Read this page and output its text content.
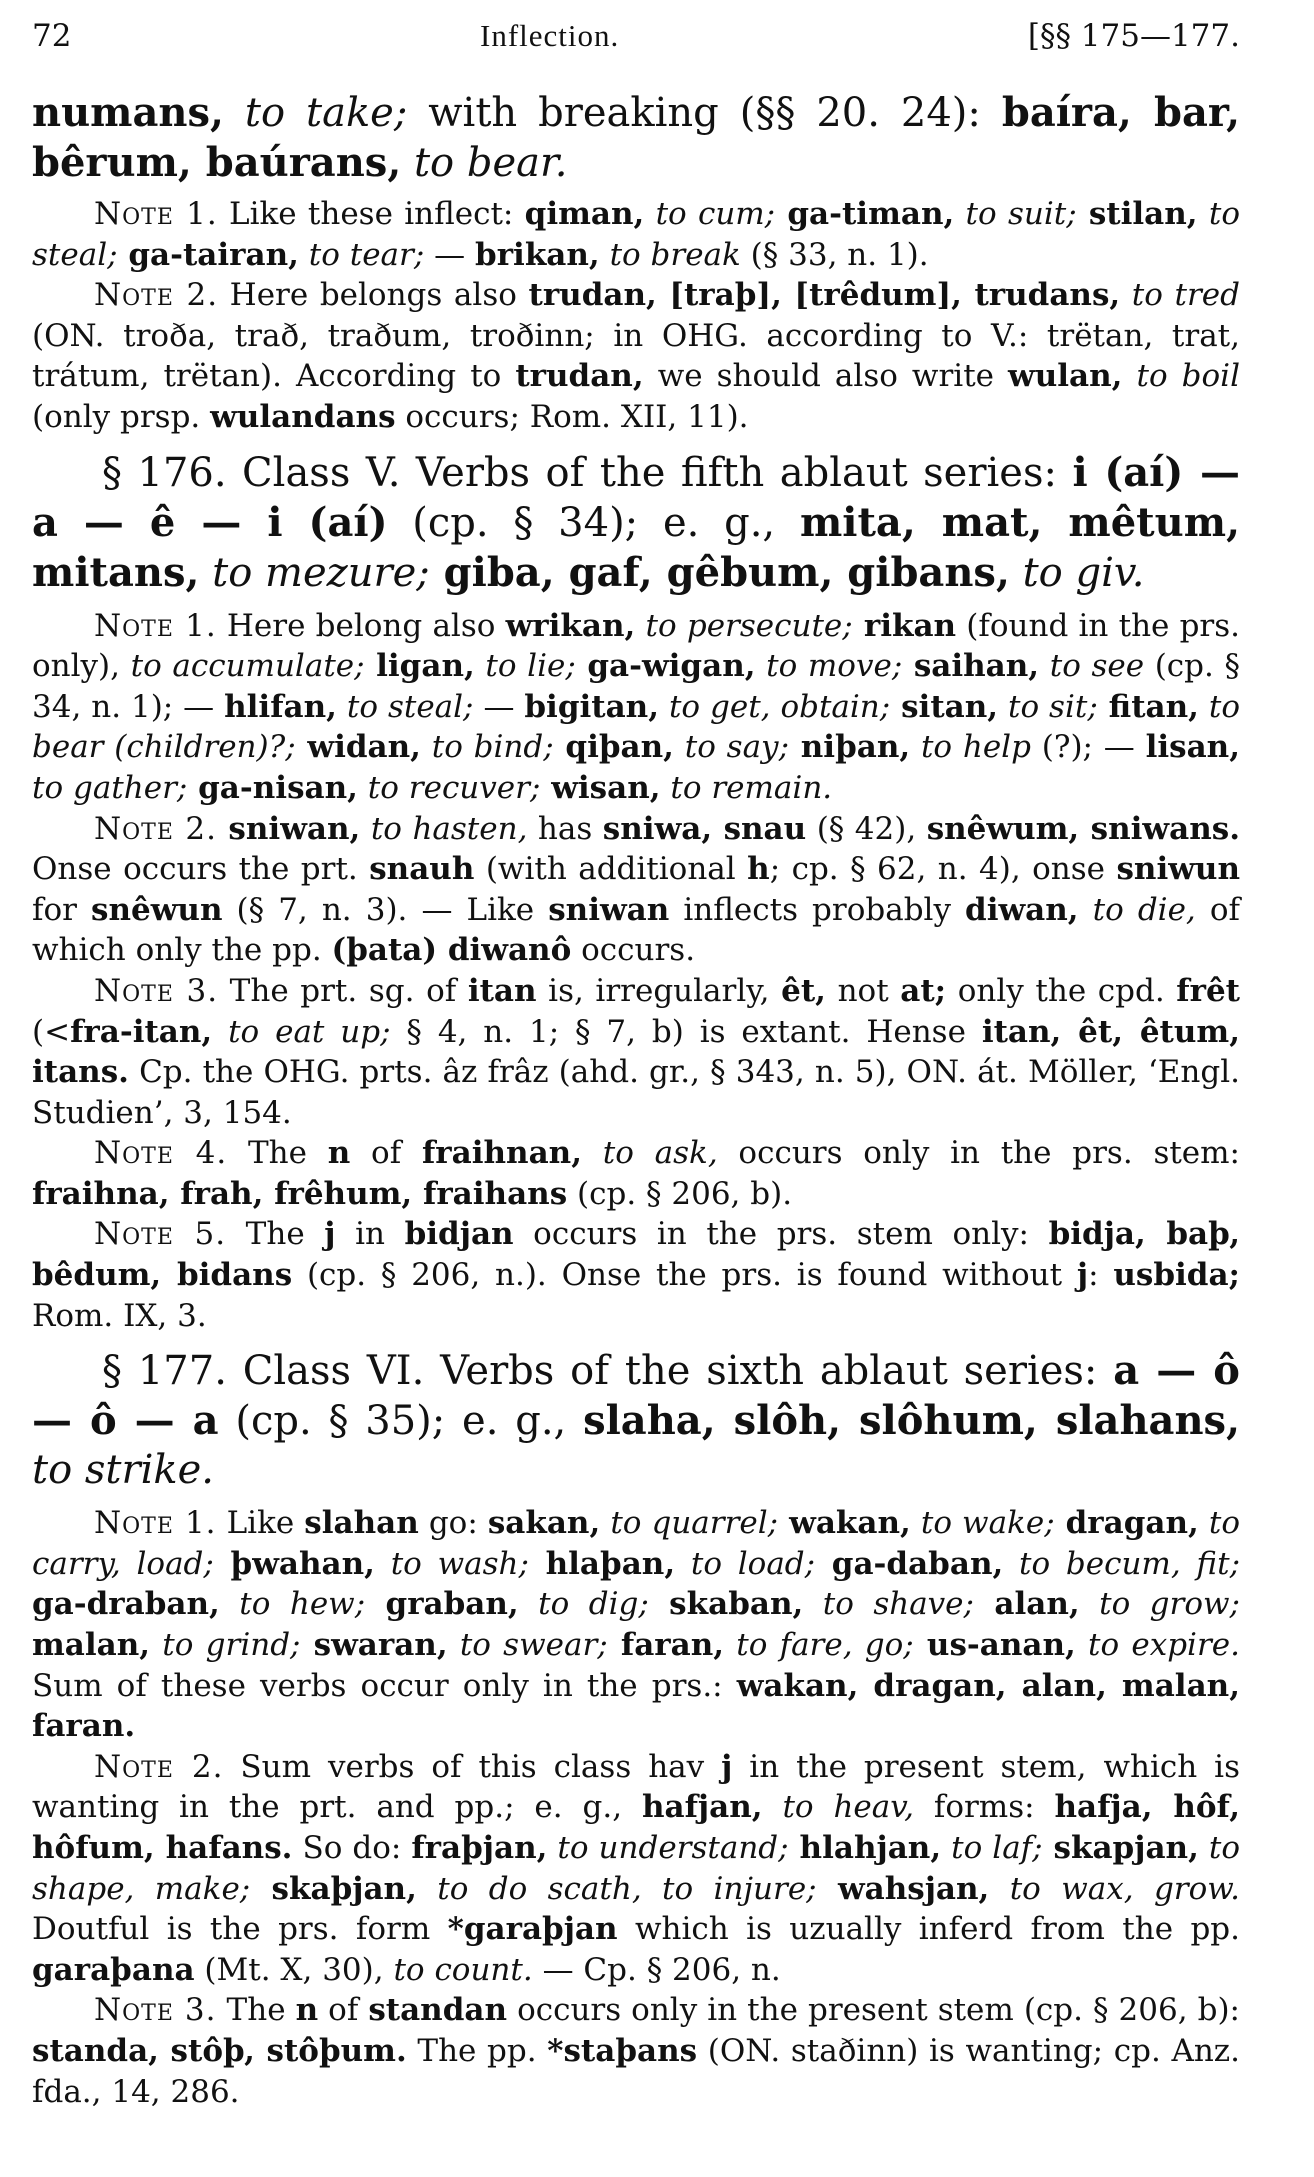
72	Inflection.	[§§ 175—177.

numans, to take; with breaking (§§ 20. 24): baíra, bar, bêrum, baúrans, to bear.

Note 1. Like these inflect: qiman, to cum; ga-timan, to suit; stilan, to steal; ga-tairan, to tear; — brikan, to break (§ 33, n. 1).

Note 2. Here belongs also trudan, [traþ], [trêdum], trudans, to tred (ON. troða, trað, traðum, troðinn; in OHG. according to V.: trëtan, trat, trátum, trëtan). According to trudan, we should also write wulan, to boil (only prsp. wulandans occurs; Rom. XII, 11).

§ 176. Class V. Verbs of the fifth ablaut series: i (aí) — a — ê — i (aí) (cp. § 34); e. g., mita, mat, mêtum, mitans, to mezure; giba, gaf, gêbum, gibans, to giv.

Note 1. Here belong also wrikan, to persecute; rikan (found in the prs. only), to accumulate; ligan, to lie; ga-wigan, to move; saihan, to see (cp. § 34, n. 1); — hlifan, to steal; — bigitan, to get, obtain; sitan, to sit; fitan, to bear (children)?; widan, to bind; qiþan, to say; niþan, to help (?); — lisan, to gather; ga-nisan, to recuver; wisan, to remain.

Note 2. sniwan, to hasten, has sniwa, snau (§ 42), snêwum, sniwans. Onse occurs the prt. snauh (with additional h; cp. § 62, n. 4), onse sniwun for snêwun (§ 7, n. 3). — Like sniwan inflects probably diwan, to die, of which only the pp. (þata) diwanô occurs.

Note 3. The prt. sg. of itan is, irregularly, êt, not at; only the cpd. frêt (<fra-itan, to eat up; § 4, n. 1; § 7, b) is extant. Hense itan, êt, êtum, itans. Cp. the OHG. prts. âz frâz (ahd. gr., § 343, n. 5), ON. át. Möller, ‘Engl. Studien’, 3, 154.

Note 4. The n of fraihnan, to ask, occurs only in the prs. stem: fraihna, frah, frêhum, fraihans (cp. § 206, b).

Note 5. The j in bidjan occurs in the prs. stem only: bidja, baþ, bêdum, bidans (cp. § 206, n.). Onse the prs. is found without j: usbida; Rom. IX, 3.

§ 177. Class VI. Verbs of the sixth ablaut series: a — ô — ô — a (cp. § 35); e. g., slaha, slôh, slôhum, slahans, to strike.

Note 1. Like slahan go: sakan, to quarrel; wakan, to wake; dragan, to carry, load; þwahan, to wash; hlaþan, to load; ga-daban, to becum, fit; ga-draban, to hew; graban, to dig; skaban, to shave; alan, to grow; malan, to grind; swaran, to swear; faran, to fare, go; us-anan, to expire. Sum of these verbs occur only in the prs.: wakan, dragan, alan, malan, faran.

Note 2. Sum verbs of this class hav j in the present stem, which is wanting in the prt. and pp.; e. g., hafjan, to heav, forms: hafja, hôf, hôfum, hafans. So do: fraþjan, to understand; hlahjan, to laf; skapjan, to shape, make; skaþjan, to do scath, to injure; wahsjan, to wax, grow. Doutful is the prs. form *garaþjan which is uzually inferd from the pp. garaþana (Mt. X, 30), to count. — Cp. § 206, n.

Note 3. The n of standan occurs only in the present stem (cp. § 206, b): standa, stôþ, stôþum. The pp. *staþans (ON. staðinn) is wanting; cp. Anz. fda., 14, 286.
